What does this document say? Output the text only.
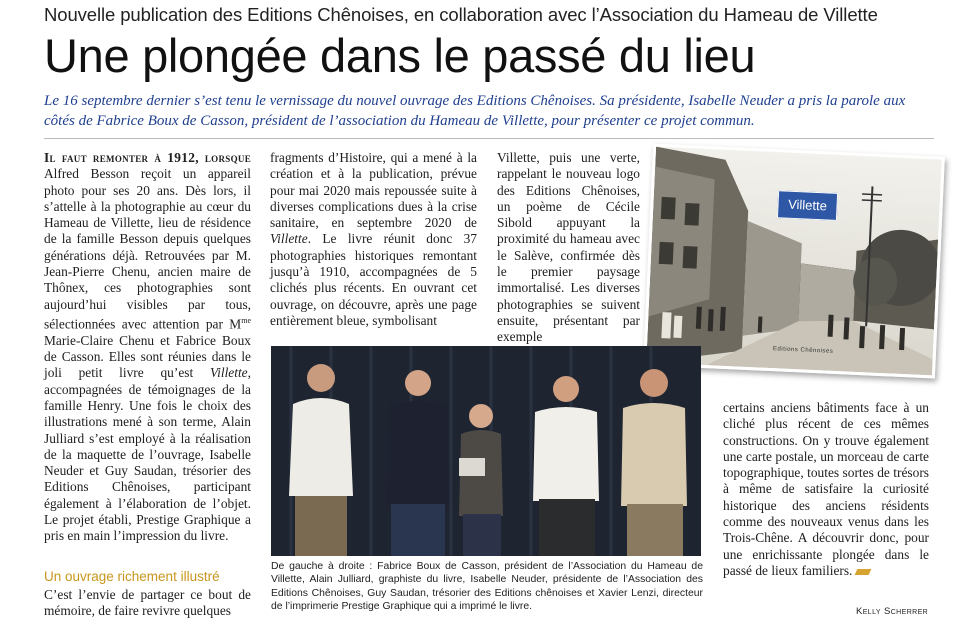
Nouvelle publication des Editions Chênoises, en collaboration avec l’Association du Hameau de Villette
Une plongée dans le passé du lieu

Le 16 septembre dernier s’est tenu le vernissage du nouvel ouvrage des Editions Chênoises. Sa présidente, Isabelle Neuder a pris la parole aux côtés de Fabrice Boux de Casson, président de l’association du Hameau de Villette, pour présenter ce projet commun.

Il faut remonter à 1912, lorsque Alfred Besson reçoit un appareil photo pour ses 20 ans. Dès lors, il s’attelle à la photographie au cœur du Hameau de Villette, lieu de résidence de la famille Besson depuis quelques générations déjà. Retrouvées par M. Jean-Pierre Chenu, ancien maire de Thônex, ces photographies sont aujourd’hui visibles par tous, sélectionnées avec attention par $M^{me}$ Marie-Claire Chenu et Fabrice Boux de Casson. Elles sont réunies dans le joli petit livre qu’est Villette, accompagnées de témoignages de la famille Henry. Une fois le choix des illustrations mené à son terme, Alain Julliard s’est employé à la réalisation de la maquette de l’ouvrage, Isabelle Neuder et Guy Saudan, trésorier des Editions Chênoises, participant également à l’élaboration de l’objet. Le projet établi, Prestige Graphique a pris en main l’impression du livre.

Un ouvrage richement illustré

C’est l’envie de partager ce bout de mémoire, de faire revivre quelques

fragments d’Histoire, qui a mené à la création et à la publication, prévue pour mai 2020 mais repoussée suite à diverses complications dues à la crise sanitaire, en septembre 2020 de Villette. Le livre réunit donc 37 photographies historiques remontant jusqu’à 1910, accompagnées de 5 clichés plus récents. En ouvrant cet ouvrage, on découvre, après une page entièrement bleue, symbolisant

Villette, puis une verte, rappelant le nouveau logo des Editions Chênoises, un poème de Cécile Sibold appuyant la proximité du hameau avec le Salève, confirmée dès le premier paysage immortalisé. Les diverses photographies se suivent ensuite, présentant par exemple

Villette
Editions Chênoises

De gauche à droite : Fabrice Boux de Casson, président de l’Association du Hameau de Villette, Alain Julliard, graphiste du livre, Isabelle Neuder, présidente de l’Association des Editions Chênoises, Guy Saudan, trésorier des Editions chênoises et Xavier Lenzi, directeur de l’imprimerie Prestige Graphique qui a imprimé le livre.

certains anciens bâtiments face à un cliché plus récent de ces mêmes constructions. On y trouve également une carte postale, un morceau de carte topographique, toutes sortes de trésors à même de satisfaire la curiosité historique des anciens résidents comme des nouveaux venus dans les Trois-Chêne. A découvrir donc, pour une enrichissante plongée dans le passé de lieux familiers.

Kelly Scherrer
